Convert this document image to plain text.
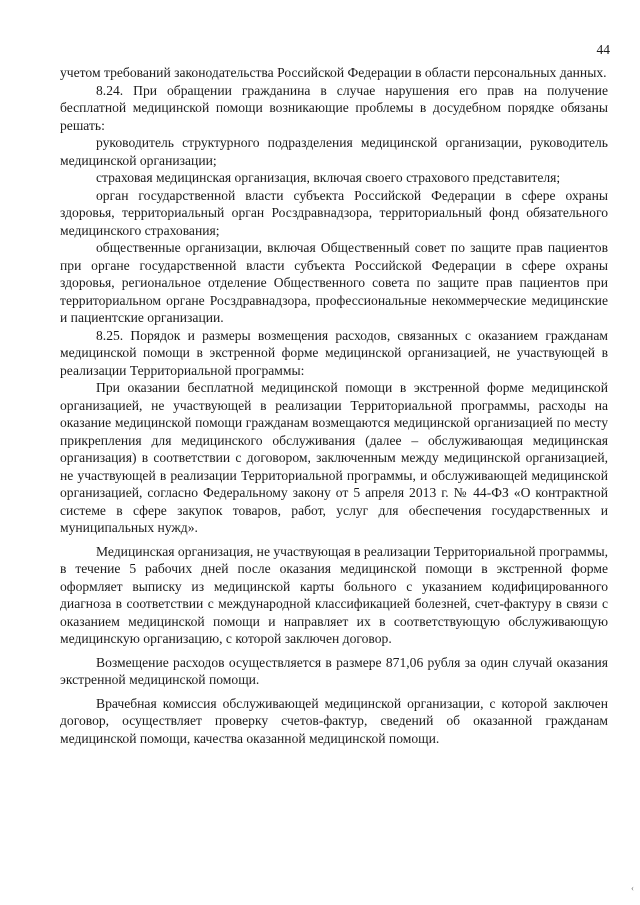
44

учетом требований законодательства Российской Федерации в области персональных данных.

8.24. При обращении гражданина в случае нарушения его прав на получение бесплатной медицинской помощи возникающие проблемы в досудебном порядке обязаны решать:

руководитель структурного подразделения медицинской организации, руководитель медицинской организации;

страховая медицинская организация, включая своего страхового представителя;

орган государственной власти субъекта Российской Федерации в сфере охраны здоровья, территориальный орган Росздравнадзора, территориальный фонд обязательного медицинского страхования;

общественные организации, включая Общественный совет по защите прав пациентов при органе государственной власти субъекта Российской Федерации в сфере охраны здоровья, региональное отделение Общественного совета по защите прав пациентов при территориальном органе Росздравнадзора, профессиональные некоммерческие медицинские и пациентские организации.

8.25. Порядок и размеры возмещения расходов, связанных с оказанием гражданам медицинской помощи в экстренной форме медицинской организацией, не участвующей в реализации Территориальной программы:

При оказании бесплатной медицинской помощи в экстренной форме медицинской организацией, не участвующей в реализации Территориальной программы, расходы на оказание медицинской помощи гражданам возмещаются медицинской организацией по месту прикрепления для медицинского обслуживания (далее – обслуживающая медицинская организация) в соответствии с договором, заключенным между медицинской организацией, не участвующей в реализации Территориальной программы, и обслуживающей медицинской организацией, согласно Федеральному закону от 5 апреля 2013 г. № 44-ФЗ «О контрактной системе в сфере закупок товаров, работ, услуг для обеспечения государственных и муниципальных нужд».

Медицинская организация, не участвующая в реализации Территориальной программы, в течение 5 рабочих дней после оказания медицинской помощи в экстренной форме оформляет выписку из медицинской карты больного с указанием кодифицированного диагноза в соответствии с международной классификацией болезней, счет-фактуру в связи с оказанием медицинской помощи и направляет их в соответствующую обслуживающую медицинскую организацию, с которой заключен договор.

Возмещение расходов осуществляется в размере 871,06 рубля за один случай оказания экстренной медицинской помощи.

Врачебная комиссия обслуживающей медицинской организации, с которой заключен договор, осуществляет проверку счетов-фактур, сведений об оказанной гражданам медицинской помощи, качества оказанной медицинской помощи.

‹
